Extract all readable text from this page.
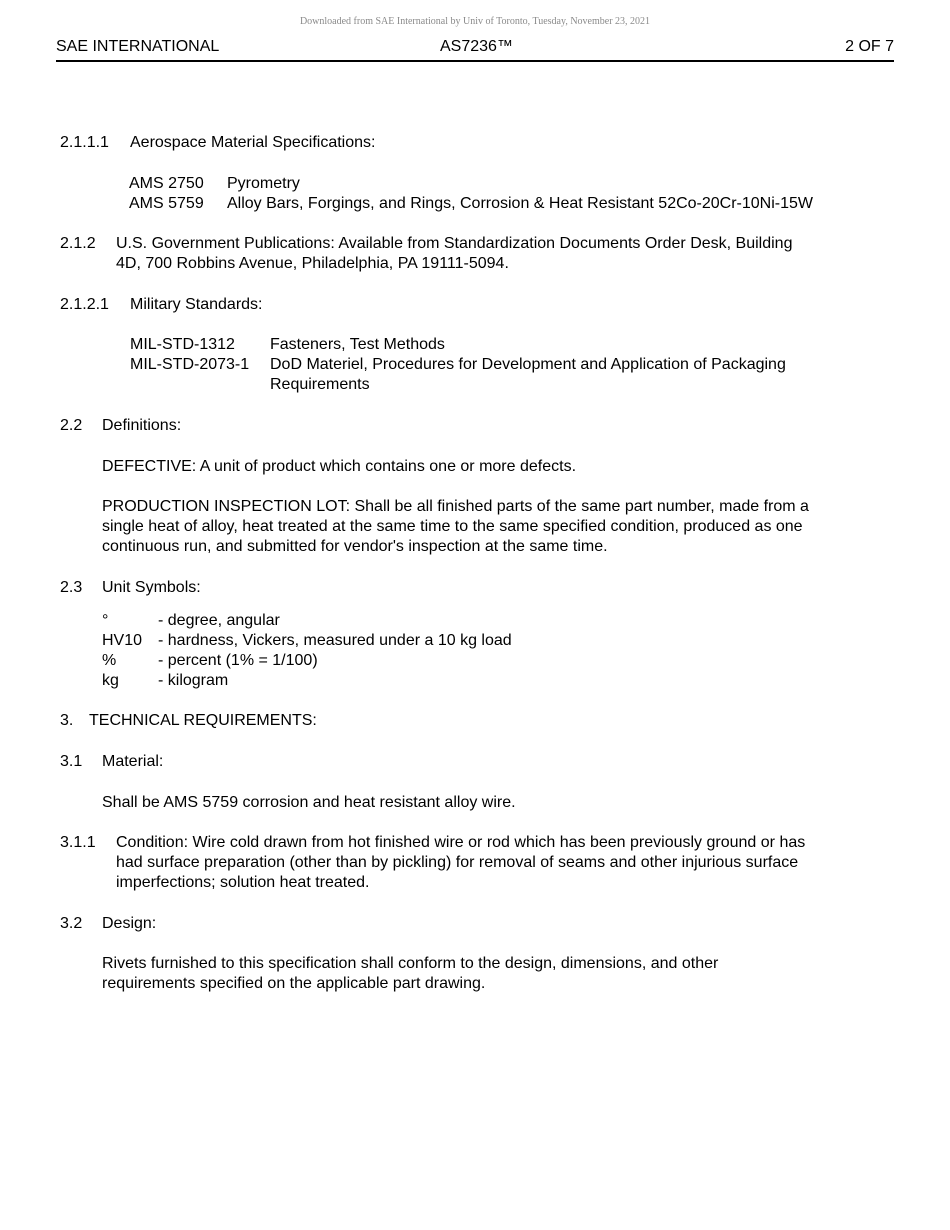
Downloaded from SAE International by Univ of Toronto, Tuesday, November 23, 2021
SAE INTERNATIONAL	AS7236™	2 OF 7
2.1.1.1 Aerospace Material Specifications:
AMS 2750 Pyrometry
AMS 5759 Alloy Bars, Forgings, and Rings, Corrosion & Heat Resistant 52Co-20Cr-10Ni-15W
2.1.2 U.S. Government Publications: Available from Standardization Documents Order Desk, Building
4D, 700 Robbins Avenue, Philadelphia, PA 19111-5094.
2.1.2.1 Military Standards:
MIL-STD-1312 Fasteners, Test Methods
MIL-STD-2073-1 DoD Materiel, Procedures for Development and Application of Packaging
Requirements
2.2 Definitions:
DEFECTIVE: A unit of product which contains one or more defects.
PRODUCTION INSPECTION LOT: Shall be all finished parts of the same part number, made from a
single heat of alloy, heat treated at the same time to the same specified condition, produced as one
continuous run, and submitted for vendor's inspection at the same time.
2.3 Unit Symbols:
°	- degree, angular
HV10 - hardness, Vickers, measured under a 10 kg load
%	- percent (1% = 1/100)
kg - kilogram
3. TECHNICAL REQUIREMENTS:
3.1 Material:
Shall be AMS 5759 corrosion and heat resistant alloy wire.
3.1.1 Condition: Wire cold drawn from hot finished wire or rod which has been previously ground or has
had surface preparation (other than by pickling) for removal of seams and other injurious surface
imperfections; solution heat treated.
3.2 Design:
Rivets furnished to this specification shall conform to the design, dimensions, and other
requirements specified on the applicable part drawing.
